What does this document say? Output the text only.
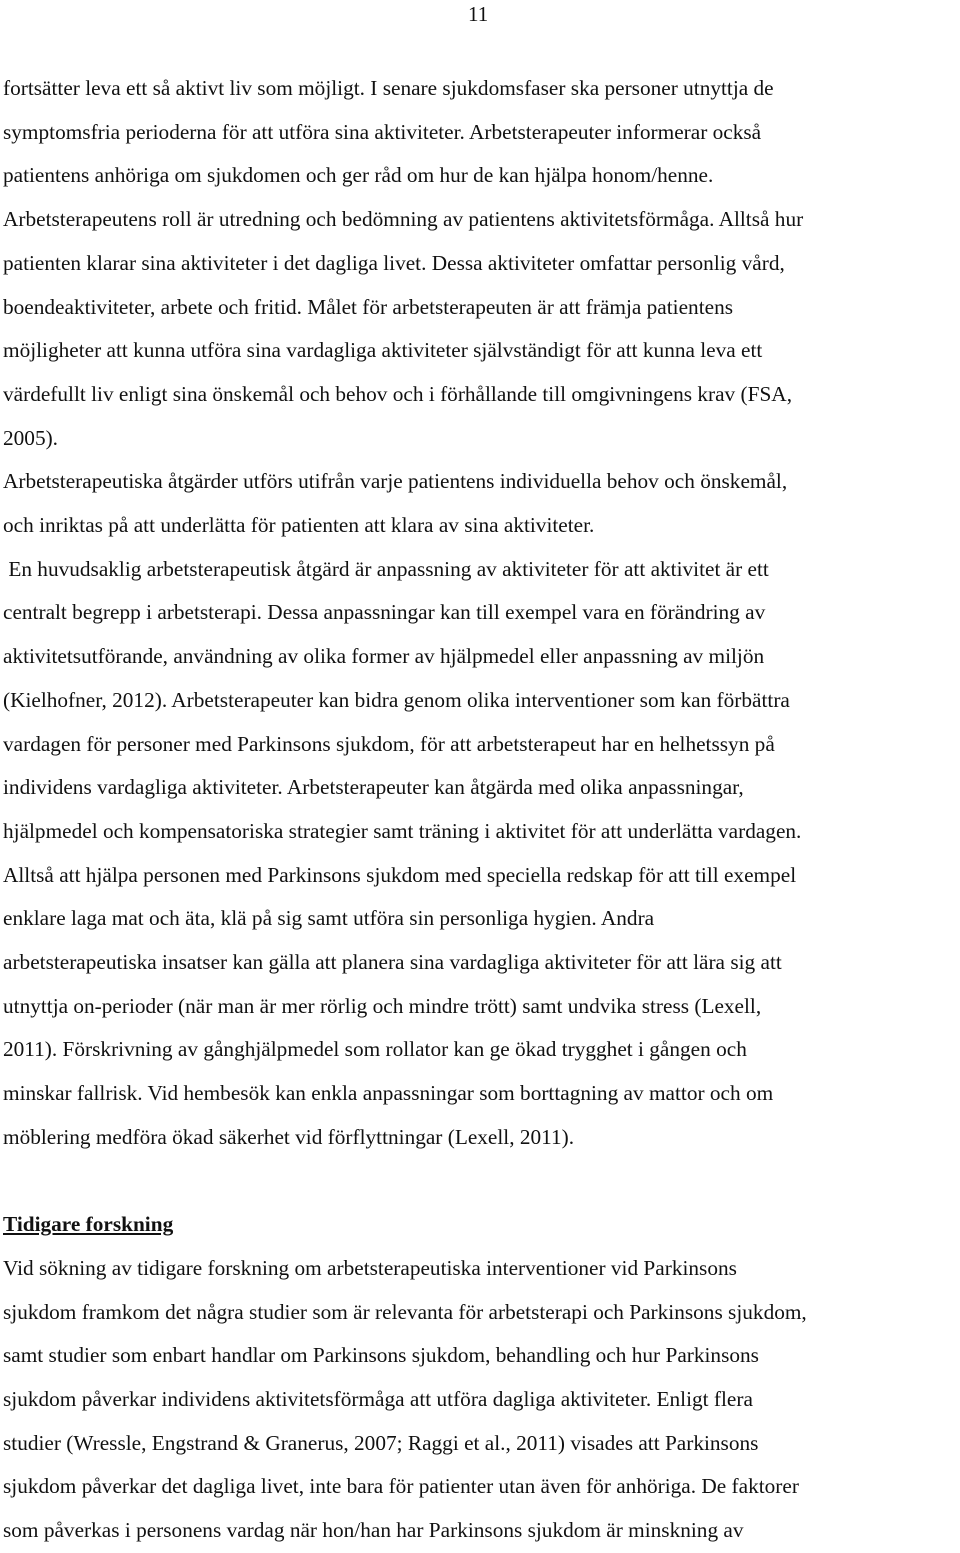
11
fortsätter leva ett så aktivt liv som möjligt. I senare sjukdomsfaser ska personer utnyttja de
symptomsfria perioderna för att utföra sina aktiviteter. Arbetsterapeuter informerar också
patientens anhöriga om sjukdomen och ger råd om hur de kan hjälpa honom/henne.
Arbetsterapeutens roll är utredning och bedömning av patientens aktivitetsförmåga. Alltså hur
patienten klarar sina aktiviteter i det dagliga livet. Dessa aktiviteter omfattar personlig vård,
boendeaktiviteter, arbete och fritid. Målet för arbetsterapeuten är att främja patientens
möjligheter att kunna utföra sina vardagliga aktiviteter självständigt för att kunna leva ett
värdefullt liv enligt sina önskemål och behov och i förhållande till omgivningens krav (FSA,
2005).
Arbetsterapeutiska åtgärder utförs utifrån varje patientens individuella behov och önskemål,
och inriktas på att underlätta för patienten att klara av sina aktiviteter.
En huvudsaklig arbetsterapeutisk åtgärd är anpassning av aktiviteter för att aktivitet är ett
centralt begrepp i arbetsterapi. Dessa anpassningar kan till exempel vara en förändring av
aktivitetsutförande, användning av olika former av hjälpmedel eller anpassning av miljön
(Kielhofner, 2012). Arbetsterapeuter kan bidra genom olika interventioner som kan förbättra
vardagen för personer med Parkinsons sjukdom, för att arbetsterapeut har en helhetssyn på
individens vardagliga aktiviteter. Arbetsterapeuter kan åtgärda med olika anpassningar,
hjälpmedel och kompensatoriska strategier samt träning i aktivitet för att underlätta vardagen.
Alltså att hjälpa personen med Parkinsons sjukdom med speciella redskap för att till exempel
enklare laga mat och äta, klä på sig samt utföra sin personliga hygien. Andra
arbetsterapeutiska insatser kan gälla att planera sina vardagliga aktiviteter för att lära sig att
utnyttja on-perioder (när man är mer rörlig och mindre trött) samt undvika stress (Lexell,
2011). Förskrivning av gånghjälpmedel som rollator kan ge ökad trygghet i gången och
minskar fallrisk. Vid hembesök kan enkla anpassningar som borttagning av mattor och om
möblering medföra ökad säkerhet vid förflyttningar (Lexell, 2011).
Tidigare forskning
Vid sökning av tidigare forskning om arbetsterapeutiska interventioner vid Parkinsons
sjukdom framkom det några studier som är relevanta för arbetsterapi och Parkinsons sjukdom,
samt studier som enbart handlar om Parkinsons sjukdom, behandling och hur Parkinsons
sjukdom påverkar individens aktivitetsförmåga att utföra dagliga aktiviteter. Enligt flera
studier (Wressle, Engstrand & Granerus, 2007; Raggi et al., 2011) visades att Parkinsons
sjukdom påverkar det dagliga livet, inte bara för patienter utan även för anhöriga. De faktorer
som påverkas i personens vardag när hon/han har Parkinsons sjukdom är minskning av
